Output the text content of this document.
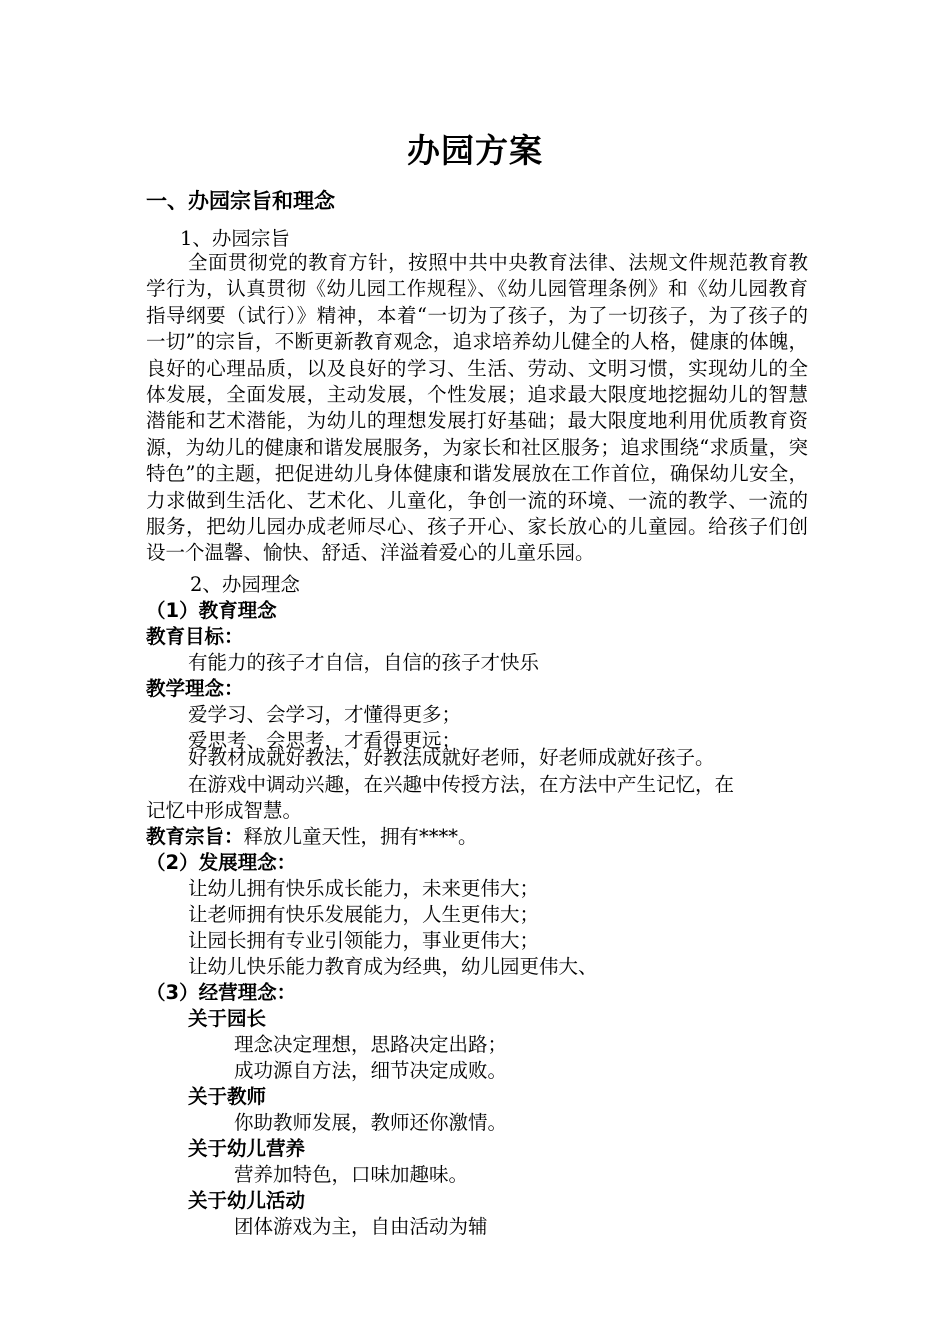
办园方案
一、办园宗旨和理念
1、办园宗旨
全面贯彻党的教育方针，按照中共中央教育法律、法规文件规范教育教学行为，认真贯彻《幼儿园工作规程》、《幼儿园管理条例》和《幼儿园教育指导纲要（试行）》精神，本着“一切为了孩子，为了一切孩子，为了孩子的一切”的宗旨，不断更新教育观念，追求培养幼儿健全的人格，健康的体魄，良好的心理品质，以及良好的学习、生活、劳动、文明习惯，实现幼儿的全体发展，全面发展，主动发展，个性发展；追求最大限度地挖掘幼儿的智慧潜能和艺术潜能，为幼儿的理想发展打好基础；最大限度地利用优质教育资源，为幼儿的健康和谐发展服务，为家长和社区服务；追求围绕“求质量，突特色”的主题，把促进幼儿身体健康和谐发展放在工作首位，确保幼儿安全，力求做到生活化、艺术化、儿童化，争创一流的环境、一流的教学、一流的服务，把幼儿园办成老师尽心、孩子开心、家长放心的儿童园。给孩子们创设一个温馨、愉快、舒适、洋溢着爱心的儿童乐园。
2、办园理念
（1）教育理念
教育目标：
有能力的孩子才自信，自信的孩子才快乐
教学理念：
爱学习、会学习，才懂得更多；
爱思考、会思考，才看得更远；
好教材成就好教法，好教法成就好老师，好老师成就好孩子。
在游戏中调动兴趣，在兴趣中传授方法，在方法中产生记忆，在
记忆中形成智慧。
教育宗旨：释放儿童天性，拥有****。
（2）发展理念：
让幼儿拥有快乐成长能力，未来更伟大；
让老师拥有快乐发展能力，人生更伟大；
让园长拥有专业引领能力，事业更伟大；
让幼儿快乐能力教育成为经典，幼儿园更伟大、
（3）经营理念：
关于园长
理念决定理想，思路决定出路；
成功源自方法，细节决定成败。
关于教师
你助教师发展，教师还你激情。
关于幼儿营养
营养加特色，口味加趣味。
关于幼儿活动
团体游戏为主，自由活动为辅
